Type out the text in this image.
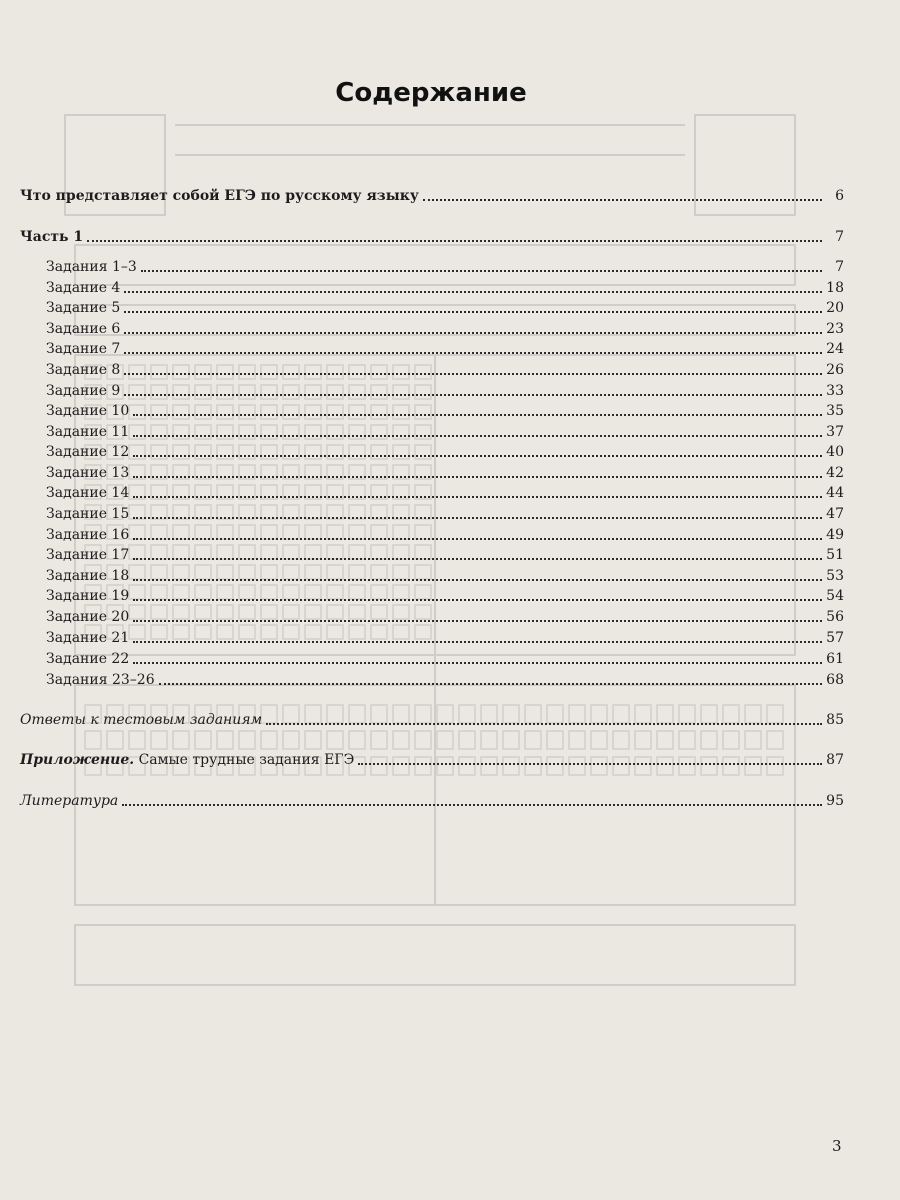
Содержание
Что представляет собой ЕГЭ по русскому языку	6
Часть 1	7
Задания 1–3	7
Задание 4	18
Задание 5	20
Задание 6	23
Задание 7	24
Задание 8	26
Задание 9	33
Задание 10	35
Задание 11	37
Задание 12	40
Задание 13	42
Задание 14	44
Задание 15	47
Задание 16	49
Задание 17	51
Задание 18	53
Задание 19	54
Задание 20	56
Задание 21	57
Задание 22	61
Задания 23–26	68
Ответы к тестовым заданиям	85
Приложение. Самые трудные задания ЕГЭ	87
Литература	95
3
